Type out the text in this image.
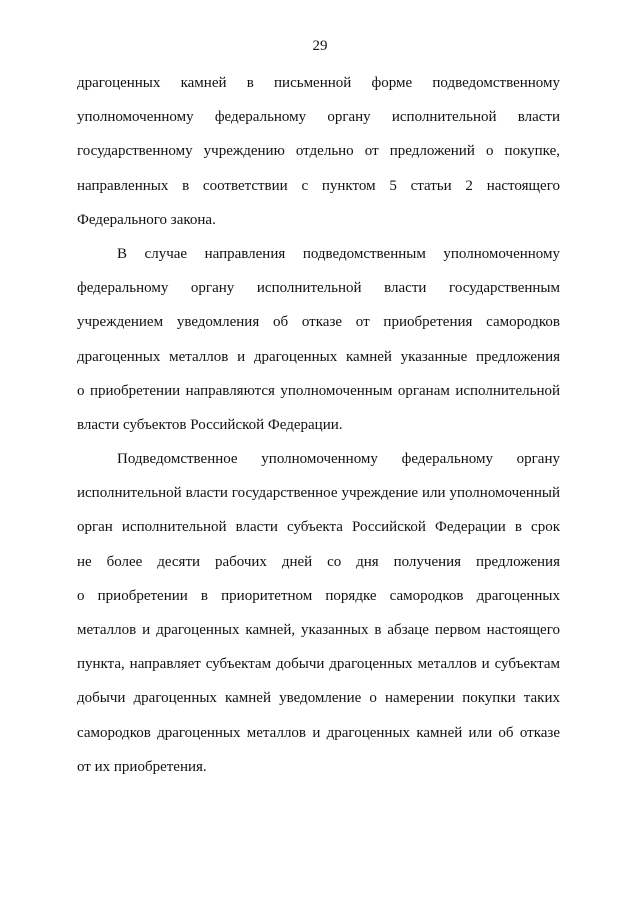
29
драгоценных камней в письменной форме подведомственному
уполномоченному федеральному органу исполнительной власти
государственному учреждению отдельно от предложений о покупке,
направленных в соответствии с пунктом 5 статьи 2 настоящего
Федерального закона.
В случае направления подведомственным уполномоченному
федеральному органу исполнительной власти государственным
учреждением уведомления об отказе от приобретения самородков
драгоценных металлов и драгоценных камней указанные предложения
о приобретении направляются уполномоченным органам исполнительной
власти субъектов Российской Федерации.
Подведомственное уполномоченному федеральному органу
исполнительной власти государственное учреждение или уполномоченный
орган исполнительной власти субъекта Российской Федерации в срок
не более десяти рабочих дней со дня получения предложения
о приобретении в приоритетном порядке самородков драгоценных
металлов и драгоценных камней, указанных в абзаце первом настоящего
пункта, направляет субъектам добычи драгоценных металлов и субъектам
добычи драгоценных камней уведомление о намерении покупки таких
самородков драгоценных металлов и драгоценных камней или об отказе
от их приобретения.
